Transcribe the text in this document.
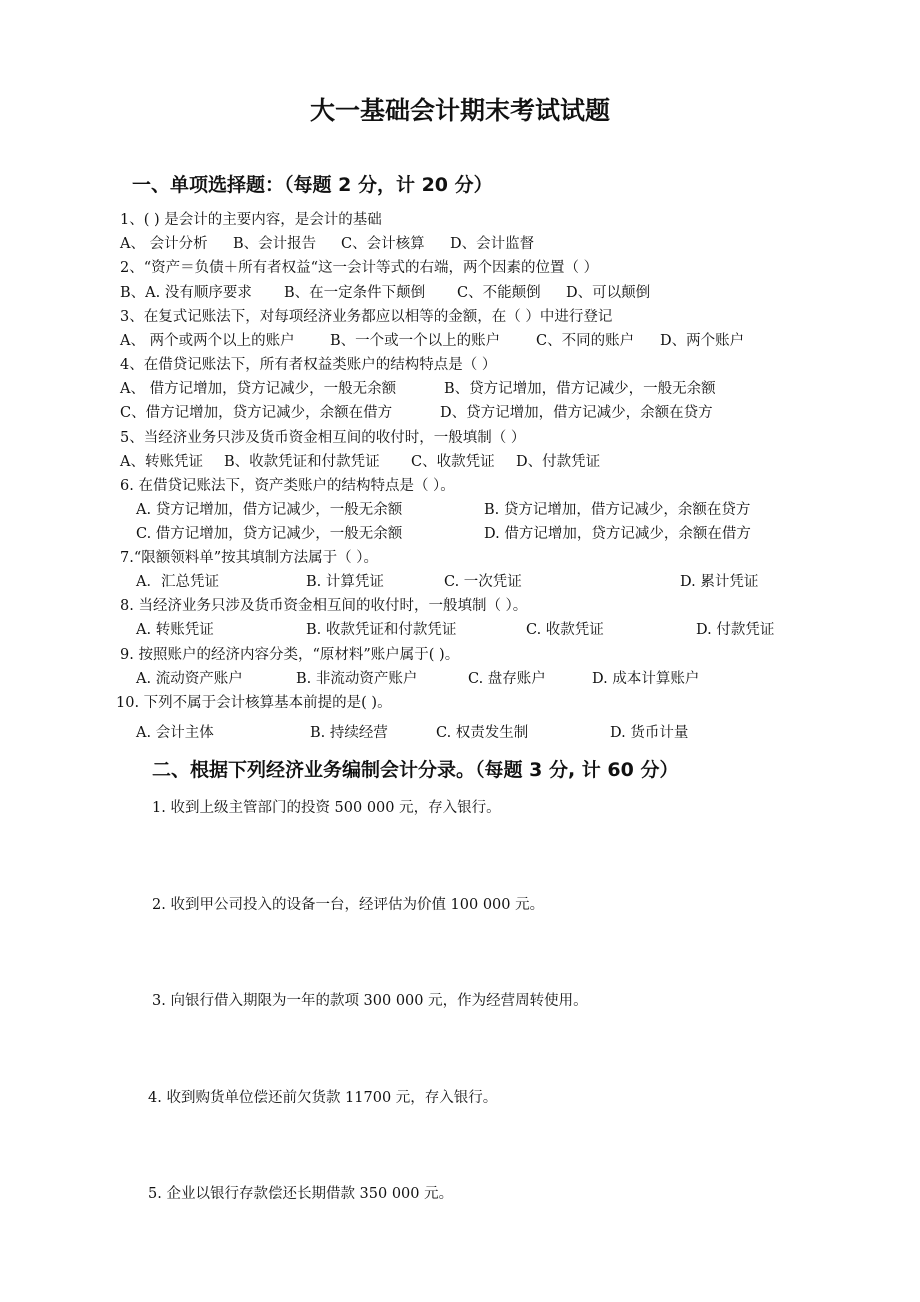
大一基础会计期末考试试题
一、单项选择题：（每题 2 分，计 20 分）
1、( ) 是会计的主要内容，是会计的基础
A、 会计分析 B、会计报告 C、会计核算 D、会计监督
2、“资产＝负债＋所有者权益“这一会计等式的右端，两个因素的位置（ ）
B、A. 没有顺序要求 B、在一定条件下颠倒 C、不能颠倒 D、可以颠倒
3、在复式记账法下，对每项经济业务都应以相等的金额，在（ ）中进行登记
A、 两个或两个以上的账户 B、一个或一个以上的账户 C、不同的账户 D、两个账户
4、在借贷记账法下，所有者权益类账户的结构特点是（ ）
A、 借方记增加，贷方记减少，一般无余额	B、贷方记增加，借方记减少，一般无余额
C、借方记增加，贷方记减少，余额在借方	D、贷方记增加，借方记减少，余额在贷方
5、当经济业务只涉及货币资金相互间的收付时，一般填制（ ）
A、转账凭证 B、收款凭证和付款凭证 C、收款凭证 D、付款凭证
6. 在借贷记账法下，资产类账户的结构特点是（ ）。
A. 贷方记增加，借方记减少，一般无余额	B. 贷方记增加，借方记减少，余额在贷方
C. 借方记增加，贷方记减少，一般无余额	D. 借方记增加，贷方记减少，余额在借方
7.“限额领料单”按其填制方法属于（ ）。
A．汇总凭证	B. 计算凭证	C. 一次凭证	D. 累计凭证
8. 当经济业务只涉及货币资金相互间的收付时，一般填制（ ）。
A. 转账凭证	B. 收款凭证和付款凭证	C. 收款凭证	D. 付款凭证
9. 按照账户的经济内容分类，“原材料”账户属于( )。
A. 流动资产账户	B. 非流动资产账户	C. 盘存账户	D. 成本计算账户
10. 下列不属于会计核算基本前提的是( )。
A. 会计主体	B. 持续经营	C. 权责发生制	D. 货币计量
二、根据下列经济业务编制会计分录。（每题 3 分, 计 60 分）
1. 收到上级主管部门的投资 500 000 元，存入银行。
2. 收到甲公司投入的设备一台，经评估为价值 100 000 元。
3. 向银行借入期限为一年的款项 300 000 元，作为经营周转使用。
4. 收到购货单位偿还前欠货款 11700 元，存入银行。
5. 企业以银行存款偿还长期借款 350 000 元。
